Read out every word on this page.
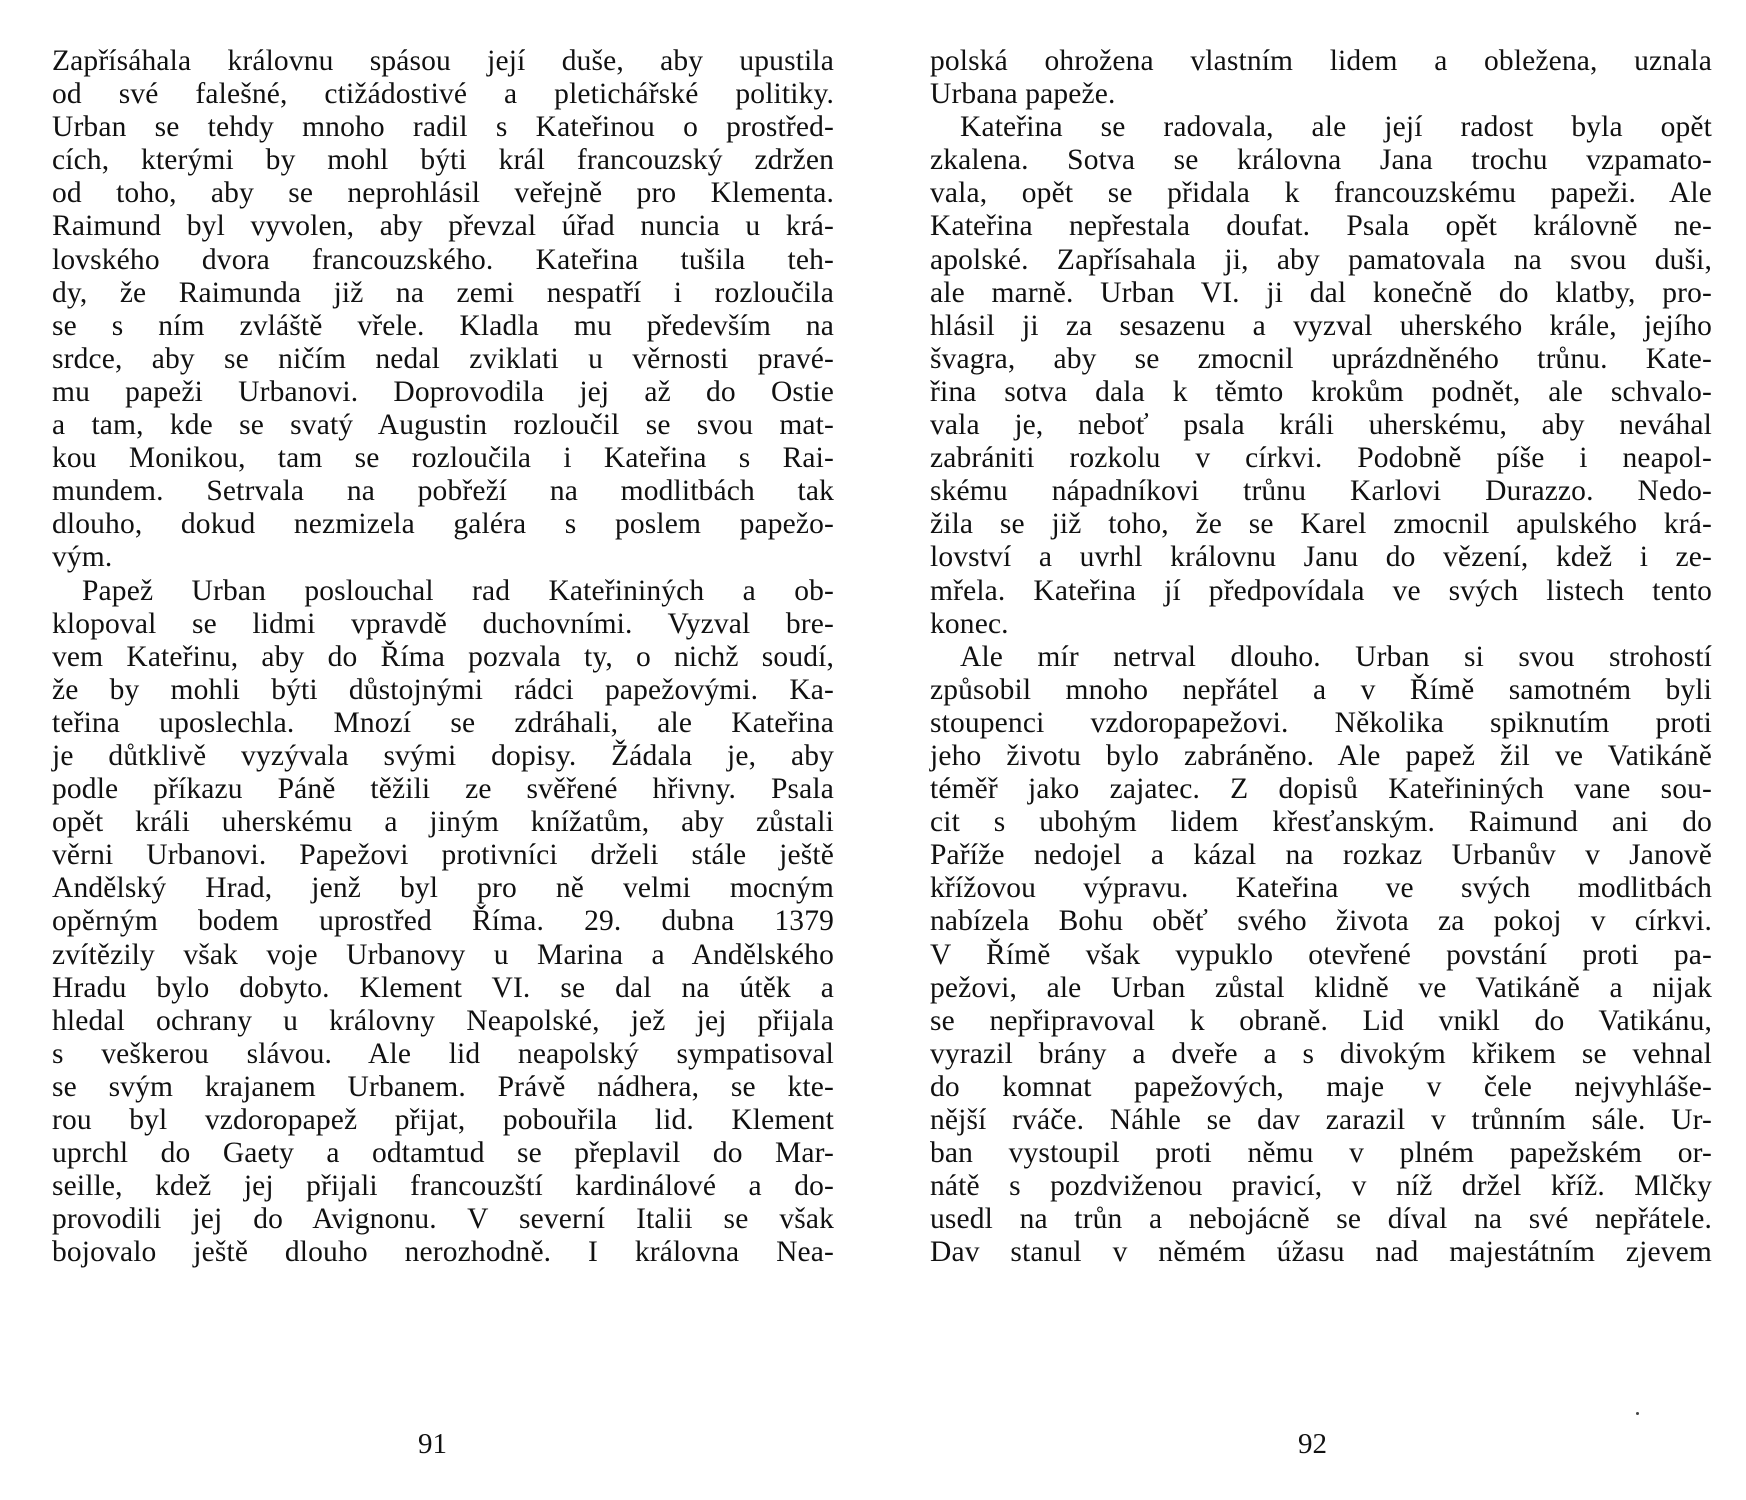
Zapřísáhala královnu spásou její duše, aby upustila
od své falešné, ctižádostivé a pletichářské politiky.
Urban se tehdy mnoho radil s Kateřinou o prostřed-
cích, kterými by mohl býti král francouzský zdržen
od toho, aby se neprohlásil veřejně pro Klementa.
Raimund byl vyvolen, aby převzal úřad nuncia u krá-
lovského dvora francouzského. Kateřina tušila teh-
dy, že Raimunda již na zemi nespatří i rozloučila
se s ním zvláště vřele. Kladla mu především na
srdce, aby se ničím nedal zviklati u věrnosti pravé-
mu papeži Urbanovi. Doprovodila jej až do Ostie
a tam, kde se svatý Augustin rozloučil se svou mat-
kou Monikou, tam se rozloučila i Kateřina s Rai-
mundem. Setrvala na pobřeží na modlitbách tak
dlouho, dokud nezmizela galéra s poslem papežo-
vým.
Papež Urban poslouchal rad Kateřininých a ob-
klopoval se lidmi vpravdě duchovními. Vyzval bre-
vem Kateřinu, aby do Říma pozvala ty, o nichž soudí,
že by mohli býti důstojnými rádci papežovými. Ka-
teřina uposlechla. Mnozí se zdráhali, ale Kateřina
je důtklivě vyzývala svými dopisy. Žádala je, aby
podle příkazu Páně těžili ze svěřené hřivny. Psala
opět králi uherskému a jiným knížatům, aby zůstali
věrni Urbanovi. Papežovi protivníci drželi stále ještě
Andělský Hrad, jenž byl pro ně velmi mocným
opěrným bodem uprostřed Říma. 29. dubna 1379
zvítězily však voje Urbanovy u Marina a Andělského
Hradu bylo dobyto. Klement VI. se dal na útěk a
hledal ochrany u královny Neapolské, jež jej přijala
s veškerou slávou. Ale lid neapolský sympatisoval
se svým krajanem Urbanem. Právě nádhera, se kte-
rou byl vzdoropapež přijat, pobouřila lid. Klement
uprchl do Gaety a odtamtud se přeplavil do Mar-
seille, kdež jej přijali francouzští kardinálové a do-
provodili jej do Avignonu. V severní Italii se však
bojovalo ještě dlouho nerozhodně. I královna Nea-
polská ohrožena vlastním lidem a obležena, uznala
Urbana papeže.
Kateřina se radovala, ale její radost byla opět
zkalena. Sotva se královna Jana trochu vzpamato-
vala, opět se přidala k francouzskému papeži. Ale
Kateřina nepřestala doufat. Psala opět královně ne-
apolské. Zapřísahala ji, aby pamatovala na svou duši,
ale marně. Urban VI. ji dal konečně do klatby, pro-
hlásil ji za sesazenu a vyzval uherského krále, jejího
švagra, aby se zmocnil uprázdněného trůnu. Kate-
řina sotva dala k těmto krokům podnět, ale schvalo-
vala je, neboť psala králi uherskému, aby neváhal
zabrániti rozkolu v církvi. Podobně píše i neapol-
skému nápadníkovi trůnu Karlovi Durazzo. Nedo-
žila se již toho, že se Karel zmocnil apulského krá-
lovství a uvrhl královnu Janu do vězení, kdež i ze-
mřela. Kateřina jí předpovídala ve svých listech tento
konec.
Ale mír netrval dlouho. Urban si svou strohostí
způsobil mnoho nepřátel a v Římě samotném byli
stoupenci vzdoropapežovi. Několika spiknutím proti
jeho životu bylo zabráněno. Ale papež žil ve Vatikáně
téměř jako zajatec. Z dopisů Kateřininých vane sou-
cit s ubohým lidem křesťanským. Raimund ani do
Paříže nedojel a kázal na rozkaz Urbanův v Janově
křížovou výpravu. Kateřina ve svých modlitbách
nabízela Bohu oběť svého života za pokoj v církvi.
V Římě však vypuklo otevřené povstání proti pa-
pežovi, ale Urban zůstal klidně ve Vatikáně a nijak
se nepřipravoval k obraně. Lid vnikl do Vatikánu,
vyrazil brány a dveře a s divokým křikem se vehnal
do komnat papežových, maje v čele nejvyhláše-
nější rváče. Náhle se dav zarazil v trůnním sále. Ur-
ban vystoupil proti němu v plném papežském or-
nátě s pozdviženou pravicí, v níž držel kříž. Mlčky
usedl na trůn a nebojácně se díval na své nepřátele.
Dav stanul v němém úžasu nad majestátním zjevem
91	92
